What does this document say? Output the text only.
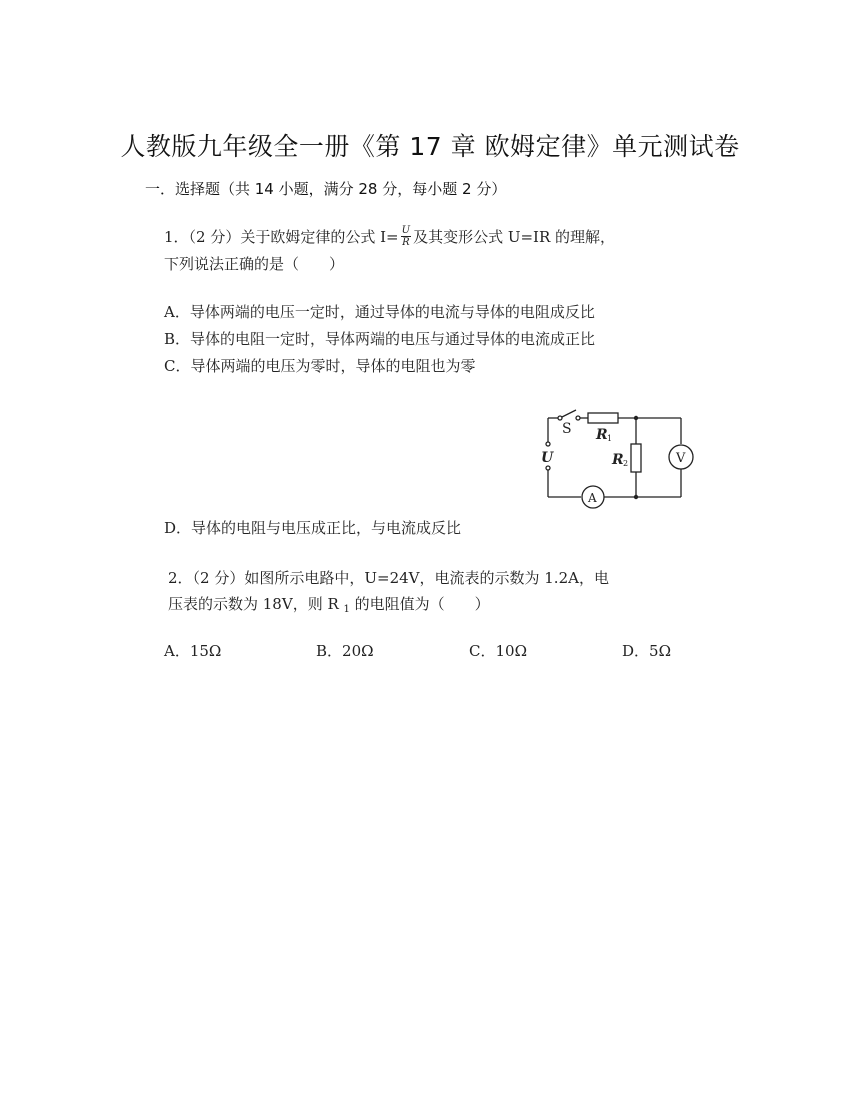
人教版九年级全一册《第 17 章 欧姆定律》单元测试卷
一．选择题（共 14 小题，满分 28 分，每小题 2 分）
1．（2 分）关于欧姆定律的公式 $I= \frac{U}{R}$ 及其变形公式 U=IR 的理解，
下列说法正确的是（　　）
A．导体两端的电压一定时，通过导体的电流与导体的电阻成反比
B．导体的电阻一定时，导体两端的电压与通过导体的电流成正比
C．导体两端的电压为零时，导体的电阻也为零
S R 1
R 2
U	V
A
D．导体的电阻与电压成正比，与电流成反比
2．（2 分）如图所示电路中，U=24V，电流表的示数为 1.2A，电
压表的示数为 18V，则 R $_1$ 的电阻值为（　　）
A．15Ω	B．20Ω	C．10Ω	D．5Ω
